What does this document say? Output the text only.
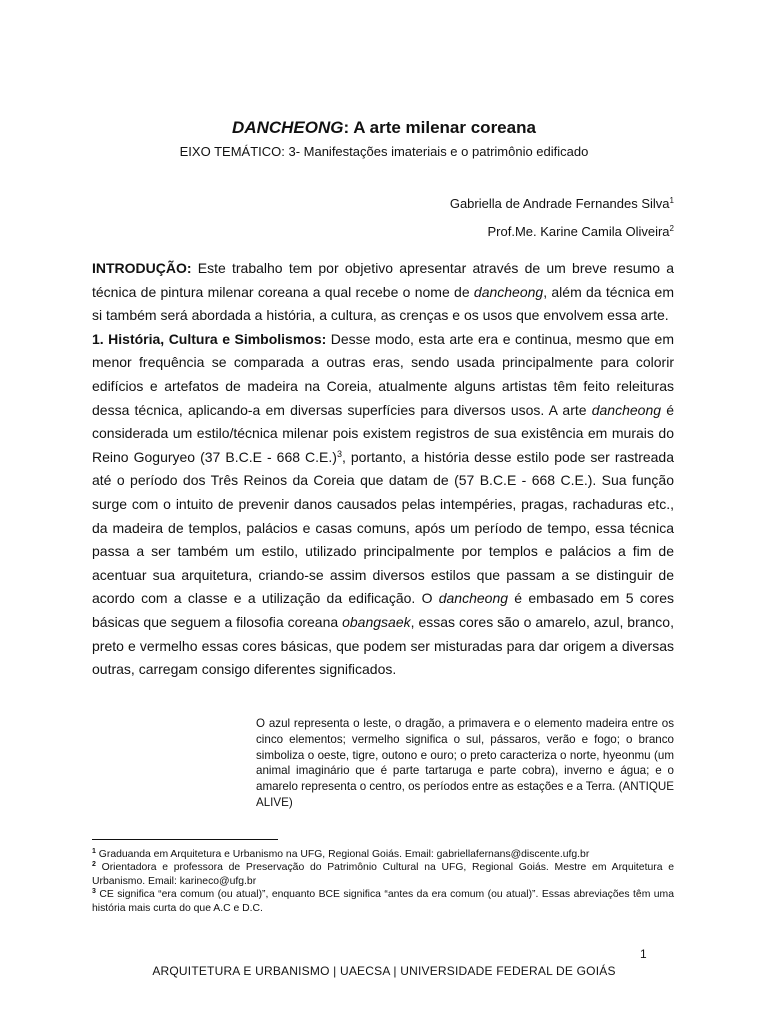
DANCHEONG: A arte milenar coreana

EIXO TEMÁTICO: 3- Manifestações imateriais e o patrimônio edificado

Gabriella de Andrade Fernandes Silva$^1$
Prof.Me. Karine Camila Oliveira$^2$

INTRODUÇÃO: Este trabalho tem por objetivo apresentar através de um breve resumo a técnica de pintura milenar coreana a qual recebe o nome de dancheong, além da técnica em si também será abordada a história, a cultura, as crenças e os usos que envolvem essa arte.

1. História, Cultura e Simbolismos: Desse modo, esta arte era e continua, mesmo que em menor frequência se comparada a outras eras, sendo usada principalmente para colorir edifícios e artefatos de madeira na Coreia, atualmente alguns artistas têm feito releituras dessa técnica, aplicando-a em diversas superfícies para diversos usos. A arte dancheong é considerada um estilo/técnica milenar pois existem registros de sua existência em murais do Reino Goguryeo (37 B.C.E - 668 C.E.)$^3$, portanto, a história desse estilo pode ser rastreada até o período dos Três Reinos da Coreia que datam de (57 B.C.E - 668 C.E.). Sua função surge com o intuito de prevenir danos causados pelas intempéries, pragas, rachaduras etc., da madeira de templos, palácios e casas comuns, após um período de tempo, essa técnica passa a ser também um estilo, utilizado principalmente por templos e palácios a fim de acentuar sua arquitetura, criando-se assim diversos estilos que passam a se distinguir de acordo com a classe e a utilização da edificação. O dancheong é embasado em 5 cores básicas que seguem a filosofia coreana obangsaek, essas cores são o amarelo, azul, branco, preto e vermelho essas cores básicas, que podem ser misturadas para dar origem a diversas outras, carregam consigo diferentes significados.

O azul representa o leste, o dragão, a primavera e o elemento madeira entre os cinco elementos; vermelho significa o sul, pássaros, verão e fogo; o branco simboliza o oeste, tigre, outono e ouro; o preto caracteriza o norte, hyeonmu (um animal imaginário que é parte tartaruga e parte cobra), inverno e água; e o amarelo representa o centro, os períodos entre as estações e a Terra. (ANTIQUE ALIVE)

$^1$ Graduanda em Arquitetura e Urbanismo na UFG, Regional Goiás. Email: gabriellafernans@discente.ufg.br

$^2$ Orientadora e professora de Preservação do Patrimônio Cultural na UFG, Regional Goiás. Mestre em Arquitetura e Urbanismo. Email: karineco@ufg.br

$^3$ CE significa “era comum (ou atual)”, enquanto BCE significa “antes da era comum (ou atual)”. Essas abreviações têm uma história mais curta do que A.C e D.C.

1
ARQUITETURA E URBANISMO | UAECSA | UNIVERSIDADE FEDERAL DE GOIÁS
